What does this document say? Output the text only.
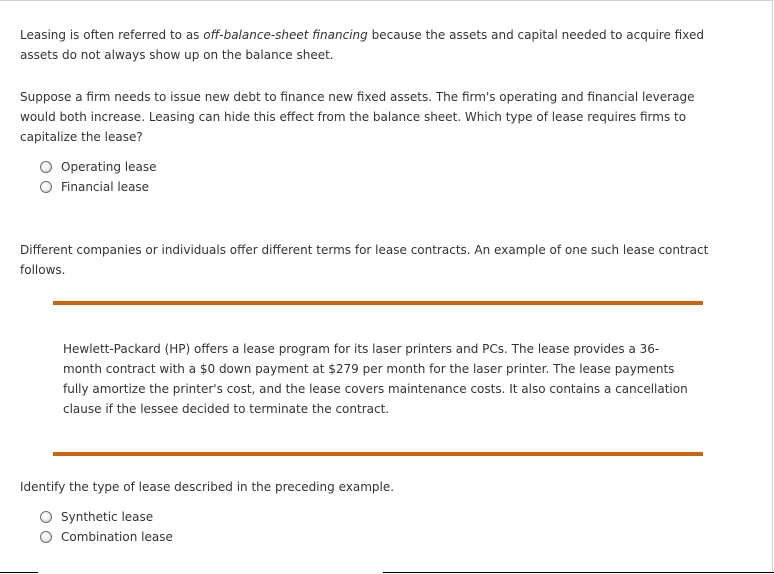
Leasing is often referred to as off-balance-sheet financing because the assets and capital needed to acquire fixed assets do not always show up on the balance sheet.

Suppose a firm needs to issue new debt to finance new fixed assets. The firm's operating and financial leverage would both increase. Leasing can hide this effect from the balance sheet. Which type of lease requires firms to capitalize the lease?

Operating lease
Financial lease

Different companies or individuals offer different terms for lease contracts. An example of one such lease contract follows.

Hewlett-Packard (HP) offers a lease program for its laser printers and PCs. The lease provides a 36-month contract with a $0 down payment at $279 per month for the laser printer. The lease payments fully amortize the printer's cost, and the lease covers maintenance costs. It also contains a cancellation clause if the lessee decided to terminate the contract.

Identify the type of lease described in the preceding example.

Synthetic lease
Combination lease
